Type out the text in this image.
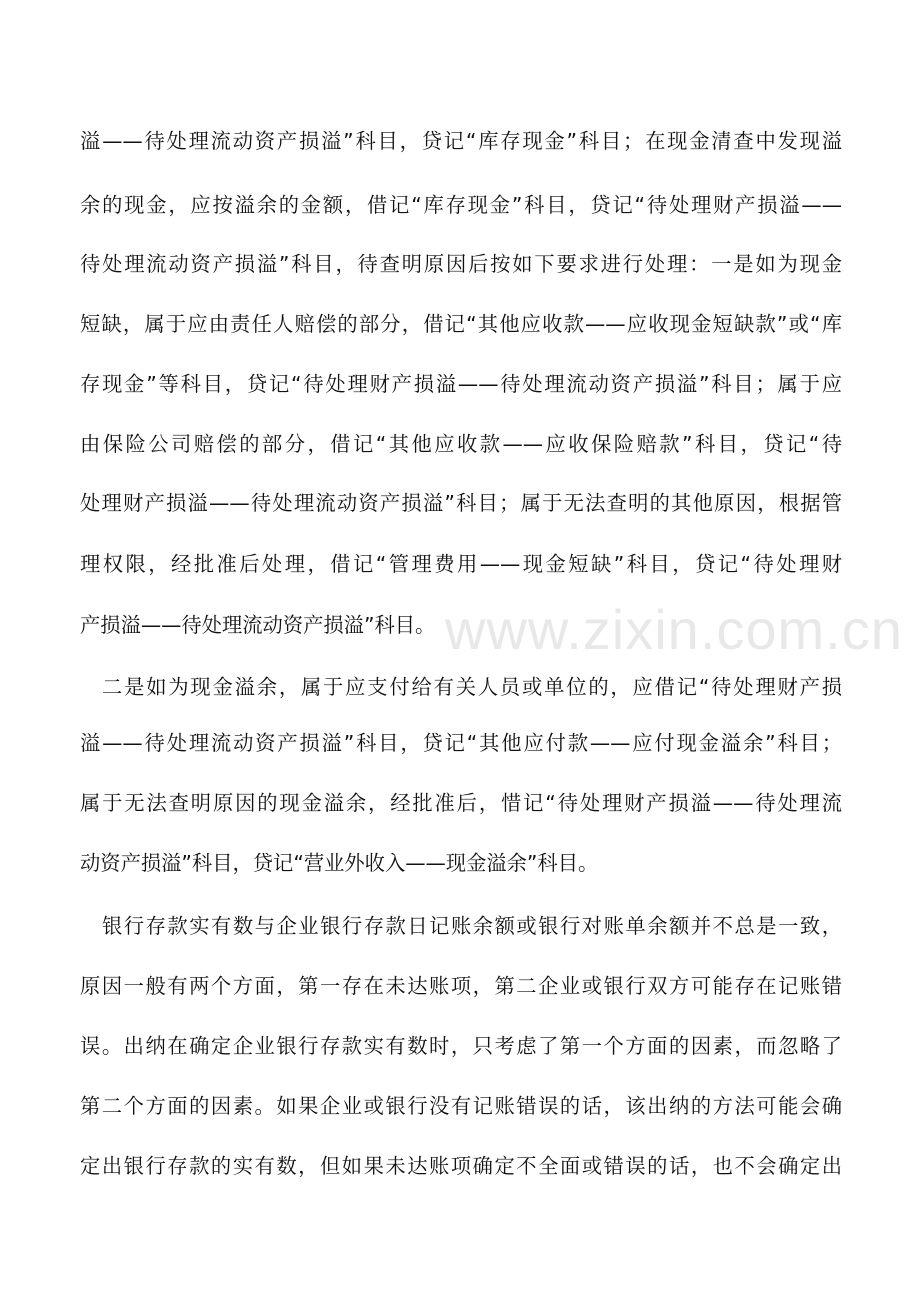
溢——待处理流动资产损溢”科目，贷记“库存现金”科目；在现金清查中发现溢
余的现金，应按溢余的金额，借记“库存现金”科目，贷记“待处理财产损溢——
待处理流动资产损溢”科目，待查明原因后按如下要求进行处理：一是如为现金
短缺，属于应由责任人赔偿的部分，借记“其他应收款——应收现金短缺款”或“库
存现金”等科目，贷记“待处理财产损溢——待处理流动资产损溢”科目；属于应
由保险公司赔偿的部分，借记“其他应收款——应收保险赔款”科目，贷记“待
处理财产损溢——待处理流动资产损溢”科目；属于无法查明的其他原因，根据管
理权限，经批准后处理，借记“管理费用——现金短缺”科目，贷记“待处理财
产损溢——待处理流动资产损溢”科目。
二是如为现金溢余，属于应支付给有关人员或单位的，应借记“待处理财产损
溢——待处理流动资产损溢”科目，贷记“其他应付款——应付现金溢余”科目；
属于无法查明原因的现金溢余，经批准后，惜记“待处理财产损溢——待处理流
动资产损溢”科目，贷记“营业外收入——现金溢余”科目。
银行存款实有数与企业银行存款日记账余额或银行对账单余额并不总是一致，
原因一般有两个方面，第一存在未达账项，第二企业或银行双方可能存在记账错
误。出纳在确定企业银行存款实有数时，只考虑了第一个方面的因素，而忽略了
第二个方面的因素。如果企业或银行没有记账错误的话，该出纳的方法可能会确
定出银行存款的实有数，但如果未达账项确定不全面或错误的话，也不会确定出
www.zixin.com.cn
